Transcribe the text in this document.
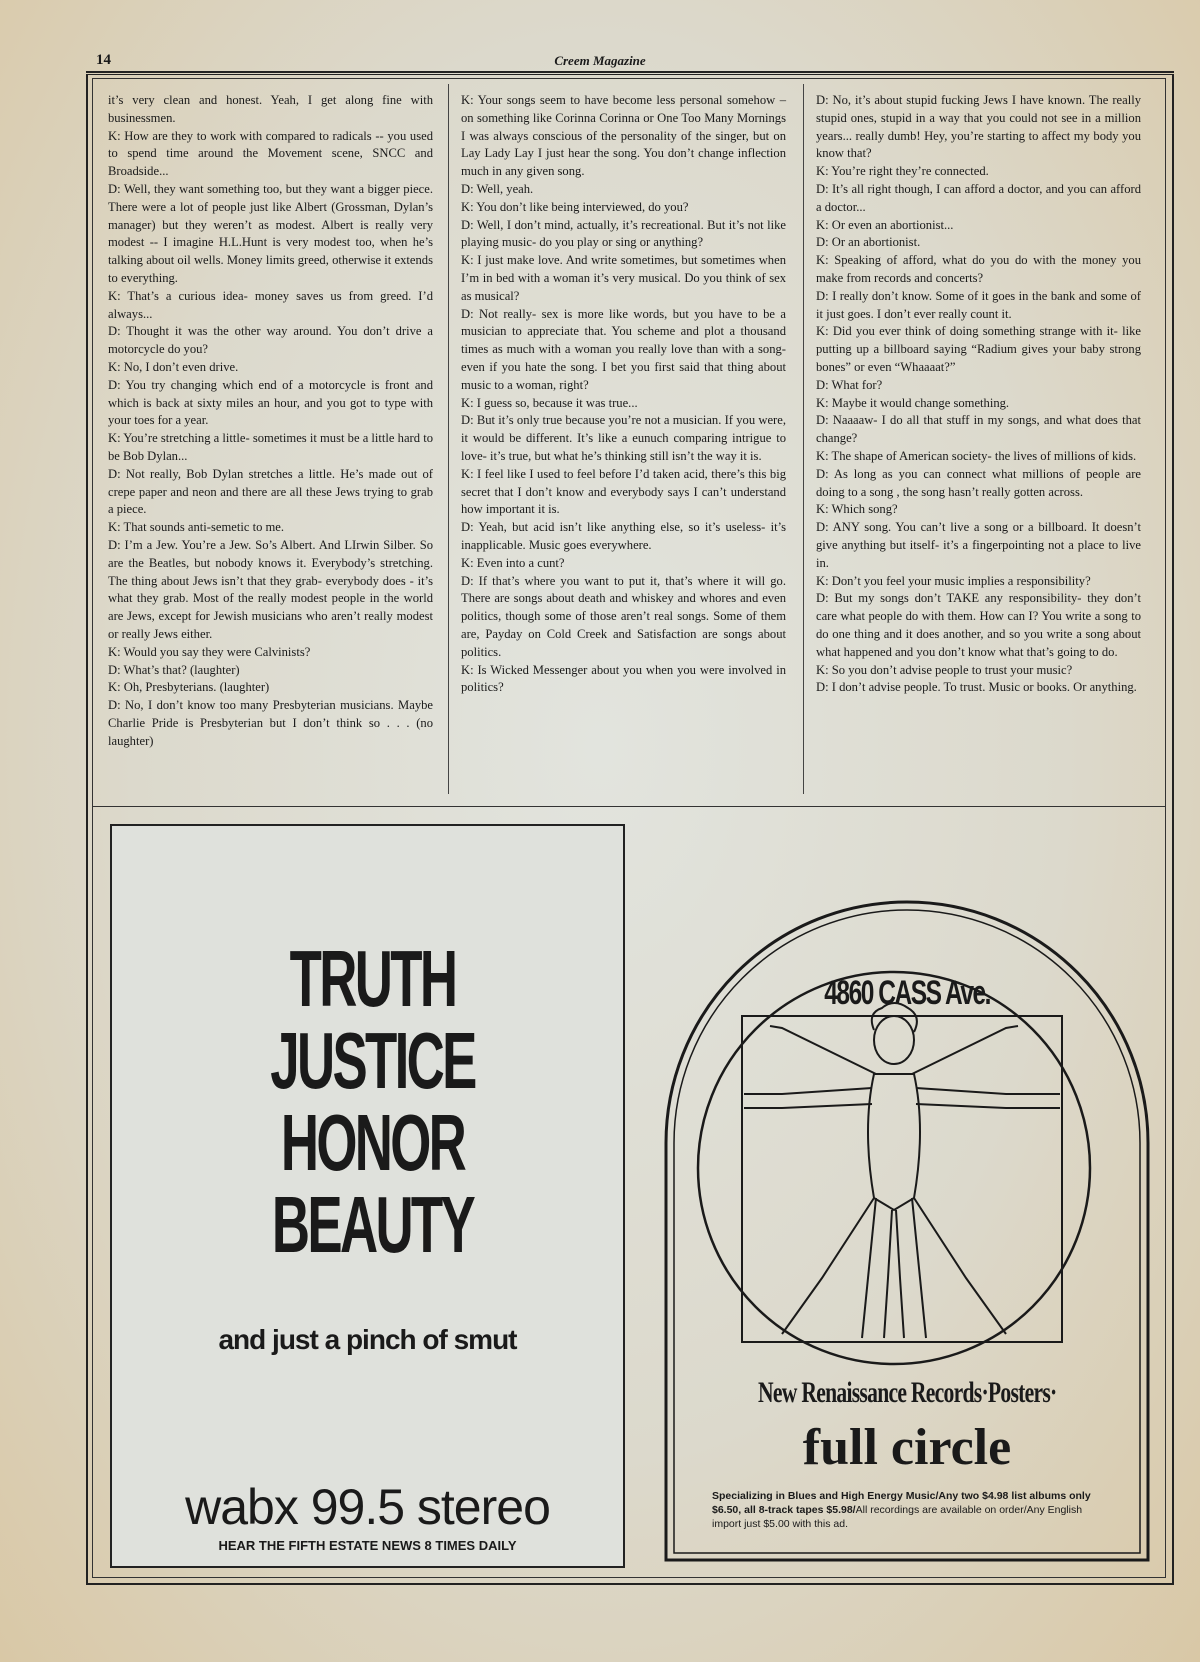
14	Creem Magazine

it’s very clean and honest. Yeah, I get along fine with businessmen.

K: How are they to work with compared to radicals -- you used to spend time around the Movement scene, SNCC and Broadside...

D: Well, they want something too, but they want a bigger piece. There were a lot of people just like Albert (Grossman, Dylan’s manager) but they weren’t as modest. Albert is really very modest -- I imagine H.L.Hunt is very modest too, when he’s talking about oil wells. Money limits greed, otherwise it extends to everything.

K: That’s a curious idea- money saves us from greed. I’d always...

D: Thought it was the other way around. You don’t drive a motorcycle do you?

K: No, I don’t even drive.

D: You try changing which end of a motorcycle is front and which is back at sixty miles an hour, and you got to type with your toes for a year.

K: You’re stretching a little- sometimes it must be a little hard to be Bob Dylan...

D: Not really, Bob Dylan stretches a little. He’s made out of crepe paper and neon and there are all these Jews trying to grab a piece.

K: That sounds anti-semetic to me.

D: I’m a Jew. You’re a Jew. So’s Albert. And LIrwin Silber. So are the Beatles, but nobody knows it. Everybody’s stretching. The thing about Jews isn’t that they grab- everybody does - it’s what they grab. Most of the really modest people in the world are Jews, except for Jewish musicians who aren’t really modest or really Jews either.

K: Would you say they were Calvinists?

D: What’s that? (laughter)

K: Oh, Presbyterians. (laughter)

D: No, I don’t know too many Presbyterian musicians. Maybe Charlie Pride is Presbyterian but I don’t think so . . . (no laughter)

K: Your songs seem to have become less personal somehow – on something like Corinna Corinna or One Too Many Mornings I was always conscious of the personality of the singer, but on Lay Lady Lay I just hear the song. You don’t change inflection much in any given song.

D: Well, yeah.

K: You don’t like being interviewed, do you?

D: Well, I don’t mind, actually, it’s recreational. But it’s not like playing music- do you play or sing or anything?

K: I just make love. And write sometimes, but sometimes when I’m in bed with a woman it’s very musical. Do you think of sex as musical?

D: Not really- sex is more like words, but you have to be a musician to appreciate that. You scheme and plot a thousand times as much with a woman you really love than with a song- even if you hate the song. I bet you first said that thing about music to a woman, right?

K: I guess so, because it was true...

D: But it’s only true because you’re not a musician. If you were, it would be different. It’s like a eunuch comparing intrigue to love- it’s true, but what he’s thinking still isn’t the way it is.

K: I feel like I used to feel before I’d taken acid, there’s this big secret that I don’t know and everybody says I can’t understand how important it is.

D: Yeah, but acid isn’t like anything else, so it’s useless- it’s inapplicable. Music goes everywhere.

K: Even into a cunt?

D: If that’s where you want to put it, that’s where it will go. There are songs about death and whiskey and whores and even politics, though some of those aren’t real songs. Some of them are, Payday on Cold Creek and Satisfaction are songs about politics.

K: Is Wicked Messenger about you when you were involved in politics?

D: No, it’s about stupid fucking Jews I have known. The really stupid ones, stupid in a way that you could not see in a million years... really dumb! Hey, you’re starting to affect my body you know that?

K: You’re right they’re connected.

D: It’s all right though, I can afford a doctor, and you can afford a doctor...

K: Or even an abortionist...

D: Or an abortionist.

K: Speaking of afford, what do you do with the money you make from records and concerts?

D: I really don’t know. Some of it goes in the bank and some of it just goes. I don’t ever really count it.

K: Did you ever think of doing something strange with it- like putting up a billboard saying “Radium gives your baby strong bones” or even “Whaaaat?”

D: What for?

K: Maybe it would change something.

D: Naaaaw- I do all that stuff in my songs, and what does that change?

K: The shape of American society- the lives of millions of kids.

D: As long as you can connect what millions of people are doing to a song , the song hasn’t really gotten across.

K: Which song?

D: ANY song. You can’t live a song or a billboard. It doesn’t give anything but itself- it’s a fingerpointing not a place to live in.

K: Don’t you feel your music implies a responsibility?

D: But my songs don’t TAKE any responsibility- they don’t care what people do with them. How can I? You write a song to do one thing and it does another, and so you write a song about what happened and you don’t know what that’s going to do.

K: So you don’t advise people to trust your music?

D: I don’t advise people. To trust. Music or books. Or anything.

TRUTH
JUSTICE
HONOR
BEAUTY
and just a pinch of smut
wabx 99.5 stereo
HEAR THE FIFTH ESTATE NEWS 8 TIMES DAILY
4860 CASS Ave.
New Renaissance Records·Posters·
full circle
Specializing in Blues and High Energy Music/Any two $4.98 list albums only $6.50, all 8-track tapes $5.98/All recordings are available on order/Any English import just $5.00 with this ad.
